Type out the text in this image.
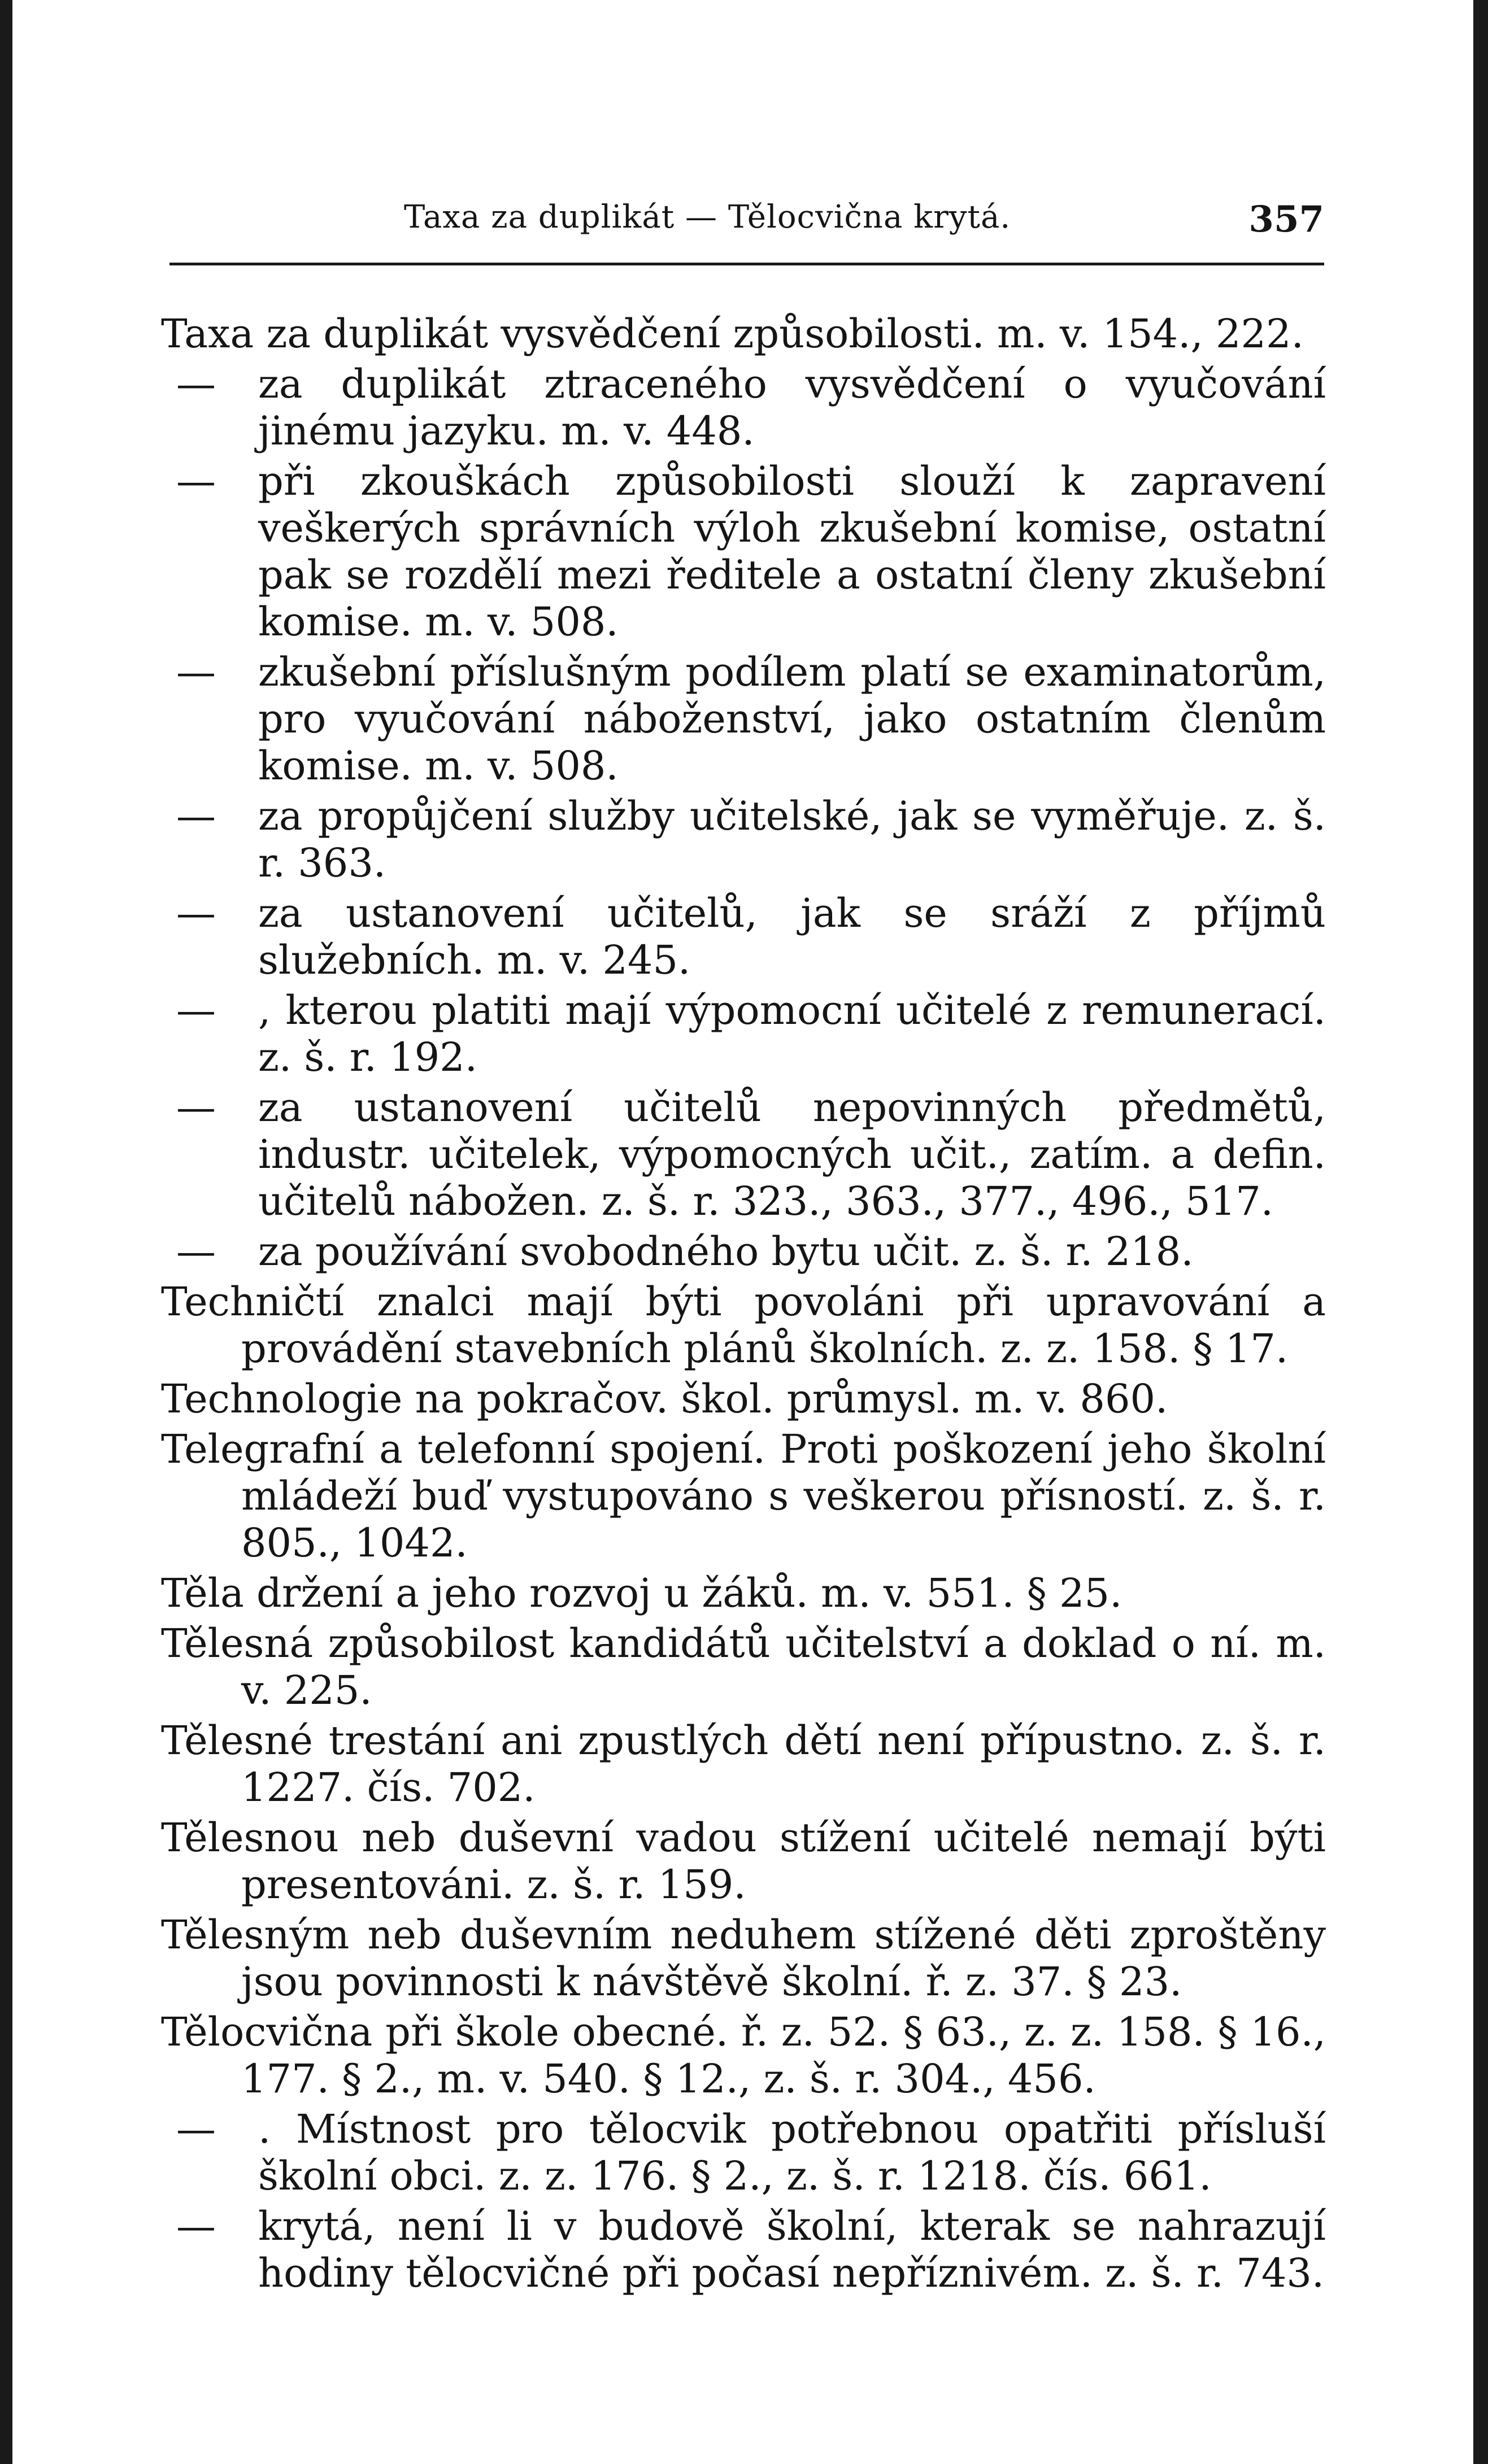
Taxa za duplikát — Tělocvična krytá.	357
Taxa za duplikát vysvědčení způsobilosti. m. v. 154., 222.
— za duplikát ztraceného vysvědčení o vyučování jinému jazyku. m. v. 448.
— při zkouškách způsobilosti slouží k zapravení veškerých správních výloh zkušební komise, ostatní pak se rozdělí mezi ředitele a ostatní členy zkušební komise. m. v. 508.
— zkušební příslušným podílem platí se examinatorům, pro vyučování náboženství, jako ostatním členům komise. m. v. 508.
— za propůjčení služby učitelské, jak se vyměřuje. z. š. r. 363.
— za ustanovení učitelů, jak se sráží z příjmů služebních. m. v. 245.
— , kterou platiti mají výpomocní učitelé z remunerací. z. š. r. 192.
— za ustanovení učitelů nepovinných předmětů, industr. učitelek, výpomocných učit., zatím. a defin. učitelů nábožen. z. š. r. 323., 363., 377., 496., 517.
— za používání svobodného bytu učit. z. š. r. 218.
Techničtí znalci mají býti povoláni při upravování a provádění stavebních plánů školních. z. z. 158. § 17.
Technologie na pokračov. škol. průmysl. m. v. 860.
Telegrafní a telefonní spojení. Proti poškození jeho školní mládeží buď vystupováno s veškerou přísností. z. š. r. 805., 1042.
Těla držení a jeho rozvoj u žáků. m. v. 551. § 25.
Tělesná způsobilost kandidátů učitelství a doklad o ní. m. v. 225.
Tělesné trestání ani zpustlých dětí není přípustno. z. š. r. 1227. čís. 702.
Tělesnou neb duševní vadou stížení učitelé nemají býti presentováni. z. š. r. 159.
Tělesným neb duševním neduhem stížené děti zproštěny jsou povinnosti k návštěvě školní. ř. z. 37. § 23.
Tělocvična při škole obecné. ř. z. 52. § 63., z. z. 158. § 16., 177. § 2., m. v. 540. § 12., z. š. r. 304., 456.
— . Místnost pro tělocvik potřebnou opatřiti přísluší školní obci. z. z. 176. § 2., z. š. r. 1218. čís. 661.
— krytá, není li v budově školní, kterak se nahrazují hodiny tělocvičné při počasí nepříznivém. z. š. r. 743.
